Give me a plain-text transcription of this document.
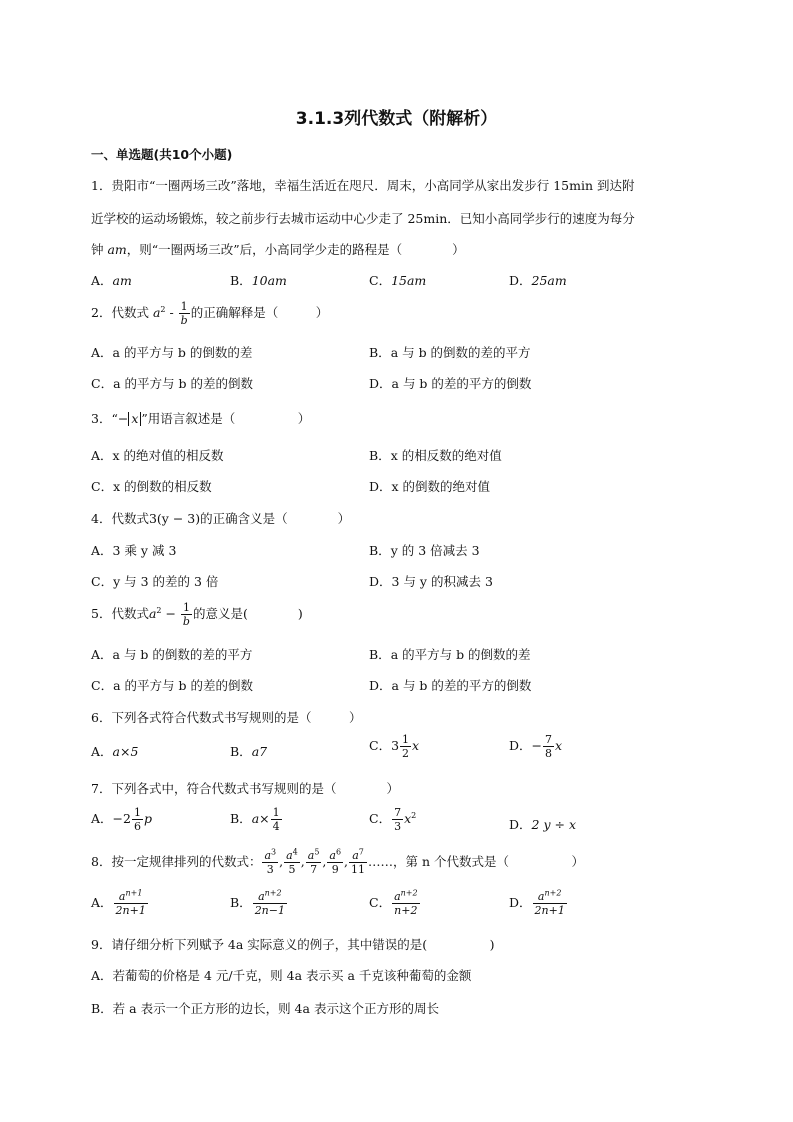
3.1.3列代数式（附解析）
一、单选题(共10个小题)
1．贵阳市“一圈两场三改”落地，幸福生活近在咫尺．周末，小高同学从家出发步行 15min 到达附
近学校的运动场锻炼，较之前步行去城市运动中心少走了 25min．已知小高同学步行的速度为每分
钟 am，则“一圈两场三改”后，小高同学少走的路程是（　　　　）
A．am	B．10am	C．15am	D．25am
2．代数式 $a^2 - \frac{1}{b}$ 的正确解释是（　　　）
A．a 的平方与 b 的倒数的差	B．a 与 b 的倒数的差的平方
C．a 的平方与 b 的差的倒数	D．a 与 b 的差的平方的倒数
3．“− x ”用语言叙述是（　　　　　）
A．x 的绝对值的相反数	B．x 的相反数的绝对值
C．x 的倒数的相反数	D．x 的倒数的绝对值
4．代数式3(y − 3)的正确含义是（　　　　）
A．3 乘 y 减 3	B．y 的 3 倍减去 3
C．y 与 3 的差的 3 倍	D．3 与 y 的积减去 3
5．代数式$a^2 - \frac{1}{b}$ 的意义是(　　　　)
A．a 与 b 的倒数的差的平方	B．a 的平方与 b 的倒数的差
C．a 的平方与 b 的差的倒数	D．a 与 b 的差的平方的倒数
6．下列各式符合代数式书写规则的是（　　　）
A．a×5	B．a7	C．$3 \frac{1}{2}$ x	D．− $\frac{7}{8}$ x
7．下列各式中，符合代数式书写规则的是（　　　　）
A．$-2 \frac{1}{6}$ p	B．$a\times \frac{1}{4}$	C． $\frac{7}{3} x^2$
D．2 y ÷ x
8．按一定规律排列的代数式： $\frac{a^3}{3}$ , $\frac{a^4}{5}$ , $\frac{a^5}{7}$ , $\frac{a^6}{9}$ , $\frac{a^7}{11}$ ……，第 n 个代数式是（　　　　　）
A． $\frac{a^{n+1}}{2n+1}$	B． $\frac{a^{n+2}}{2n-1}$	C． $\frac{a^{n+2}}{n+2}$	D． $\frac{a^{n+2}}{2n+1}$
9．请仔细分析下列赋予 4a 实际意义的例子，其中错误的是(　　　　　)
A．若葡萄的价格是 4 元/千克，则 4a 表示买 a 千克该种葡萄的金额
B．若 a 表示一个正方形的边长，则 4a 表示这个正方形的周长
